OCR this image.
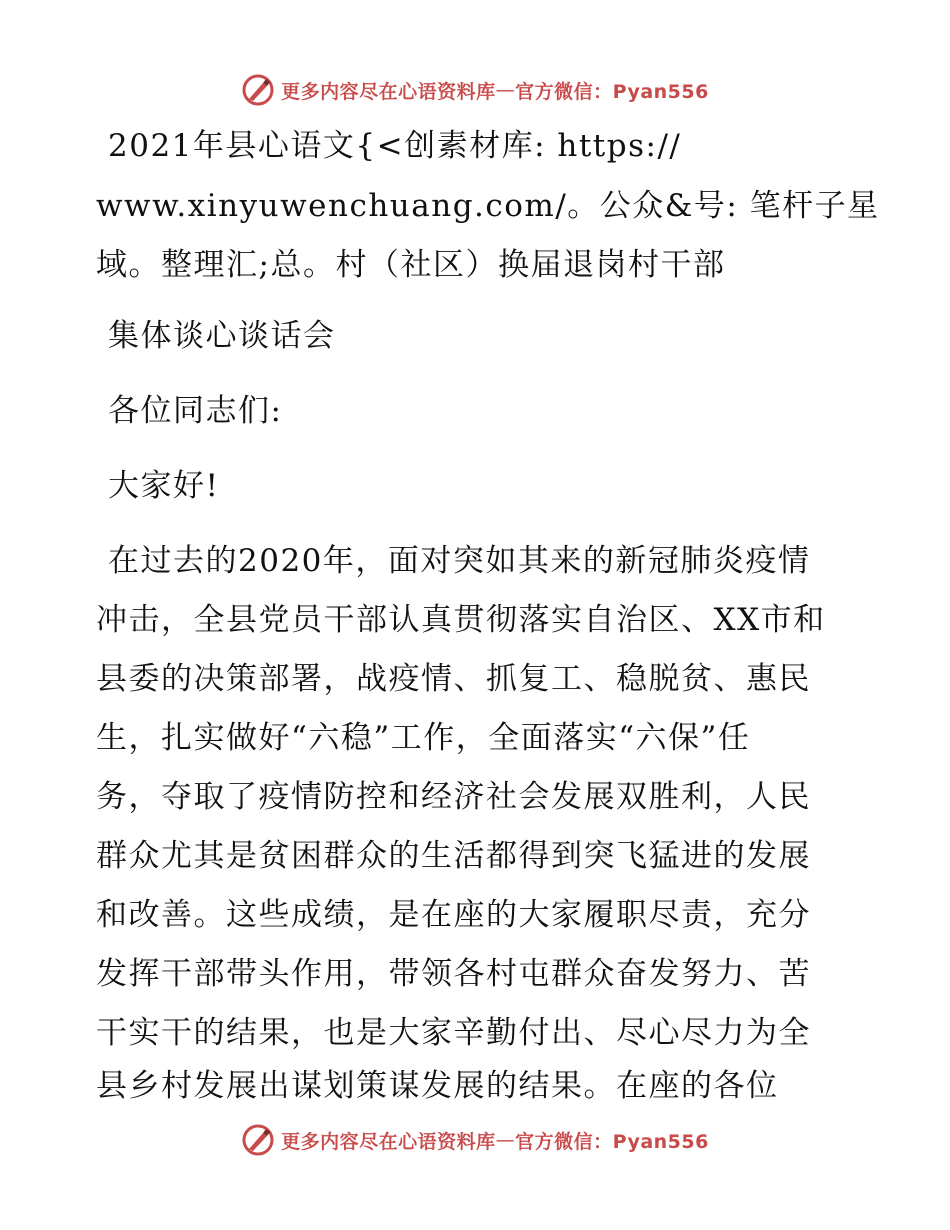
更多内容尽在心语资料库 — 官方微信：Pyan556
2021年县心语文{<创素材库: https://
www.xinyuwenchuang.com/。公众&号: 笔杆子星
域。整理汇;总。村（社区）换届退岗村干部
集体谈心谈话会
各位同志们:
大家好!
在过去的2020年，面对突如其来的新冠肺炎疫情
冲击，全县党员干部认真贯彻落实自治区、XX市和
县委的决策部署，战疫情、抓复工、稳脱贫、惠民
生，扎实做好“六稳”工作，全面落实“六保”任
务，夺取了疫情防控和经济社会发展双胜利，人民
群众尤其是贫困群众的生活都得到突飞猛进的发展
和改善。这些成绩，是在座的大家履职尽责，充分
发挥干部带头作用，带领各村屯群众奋发努力、苦
干实干的结果，也是大家辛勤付出、尽心尽力为全
县乡村发展出谋划策谋发展的结果。在座的各位
更多内容尽在心语资料库 — 官方微信：Pyan556
